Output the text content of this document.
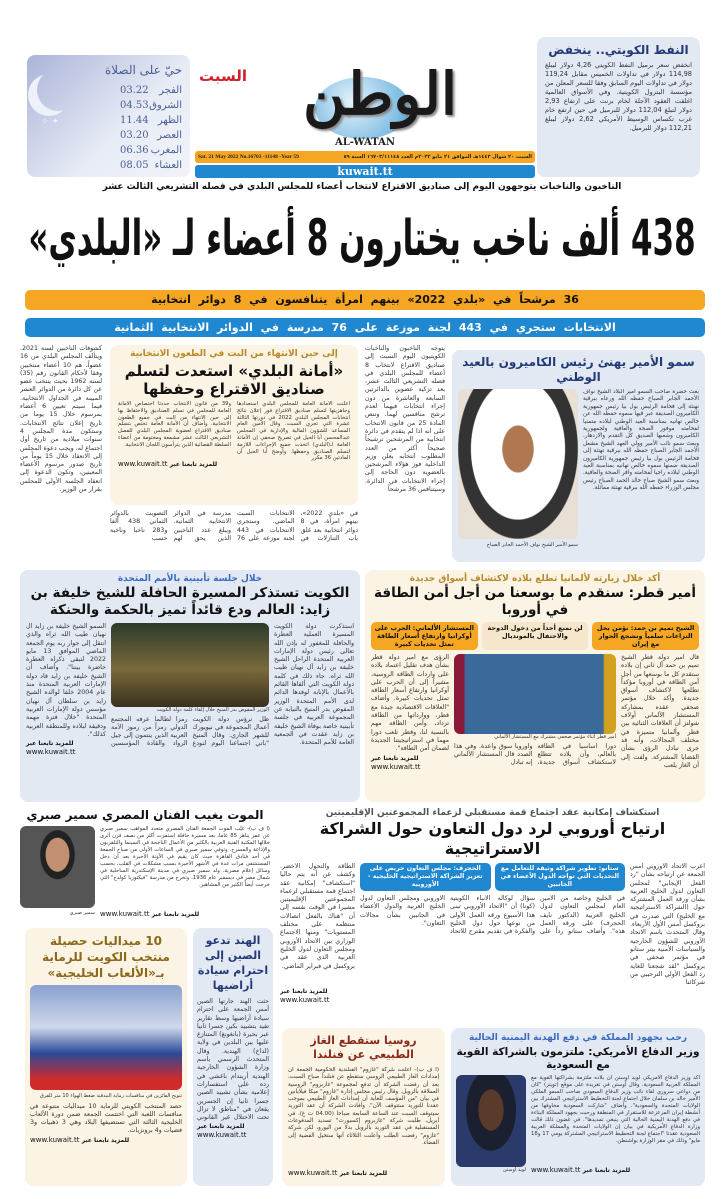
✦ ✧
حيّ على الصلاة
الفجر
03.22
الشروق
04.53
الظهر
11.44
العصر
03.20
المغرب
06.36
العشاء
08.05
السبت الوطن
AL-WATAN
السبت ٢٠ شوال ١٤٤٣هـ الموافق ٢١ مايو ٢٠٢٢م العدد ١٦٧٠٣/١١١٤٨ السنة ٥٩
Sat. 21 May 2022 No.16703 -11148 -Year 59
kuwait.tt
النفط الكويتي.. ينخفض
انخفض سعر برميل النفط الكويتي 4,26 دولار ليبلغ 114,98 دولار في تداولات الخميس مقابل 119,24 دولار في تداولات اليوم السابق وفقا للسعر المعلن من مؤسسة البترول الكويتية. وفي الأسواق العالمية اغلقت العقود الآجلة لخام برنت على ارتفاع 2,93 دولار لتبلغ 112,04 دولار للبرميل في حين ارتفع خام غرب تكساس الوسيط الأمريكي 2,62 دولار ليبلغ 112,21 دولار للبرميل.
الناخبون والناخبات يتوجهون اليوم إلى صناديق الاقتراع لانتخاب أعضاء للمجلس البلدي في فصله التشريعي الثالث عشر
438 ألف ناخب يختارون 8 أعضاء لـ «البلدي»
36 مرشحاً في «بلدي 2022» بينهم امرأة يتنافسون في 8 دوائر انتخابية
الانتخابات ستجري في 443 لجنة موزعة على 76 مدرسة في الدوائر الانتخابية الثمانية
يتوجه الناخبون والناخبات الكويتيون اليوم السبت إلى صناديق الاقتراع لانتخاب 8 أعضاء للمجلس البلدي في فصله التشريعي الثالث عشر، بعد تزكية عضوين بالدائرتين السابعة والعاشرة من دون إجراء انتخابات فيهما لعدم ترشح منافسين لهما. وتنص المادة 25 من قانون الانتخاب على انه اذا لم يتقدم في دائرة انتخابية من المرشحين ترشيحاً صحيحاً أكثر من العدد المطلوب انتخابه يعلن وزير الداخلية فوز هؤلاء المرشحين بالعضوية دون الحاجة إلى إجراء الانتخابات في الدائرة. وسيتنافس 36 مرشحاً
كشوفات الناخبين لسنة 2021. ويتألف المجلس البلدي من 16 عضواً، هم 10 أعضاء منتخبين وفقا لأحكام القانون رقم (35) لسنة 1962 بحيث ينتخب عضو عن كل دائرة من الدوائر العشر المبينة في الجداول الانتخابية. فيما سيتم تعيين 6 أعضاء بمرسوم خلال 15 يوما من تاريخ إعلان نتائج الانتخابات. وستكون مدة المجلس 4 سنوات ميلادية من تاريخ أول اجتماع له، ويجب دعوة المجلس إلى الانعقاد خلال 15 يوماً من تاريخ صدور مرسوم الأعضاء المعينين، وتكون الدعوة إلى انعقاد الجلسة الأولى للمجلس بقرار من الوزير.
إلى حين الانتهاء من البت في الطعون الانتخابية
«أمانة البلدي» استعدت لتسلم صناديق الاقتراع وحفظها
أعلنت الأمانة العامة للمجلس البلدي استعدادها وجاهزيتها لتسلم صناديق الاقتراع فور إعلان نتائج انتخابات المجلس البلدي 2022 في دورتها الثالثة عشرة التي تجري السبت. وقال الأمين العام المساعد للشؤون المالية والإدارية في المجلس عبدالمحسن أبا الخيل في تصريح صحفي إن الأمانة العامة لـ(البلدي) اتخذت جميع الإجراءات اللازمة لتسلم الصناديق وحفظها. وأوضح أبا الخيل أن المادتين 36 مكرر
و39 من قانون الانتخاب حددتا اختصاص الأمانة العامة للمجلس في تسلم الصناديق والاحتفاظ بها إلى حين الانتهاء من البت في جميع الطعون الانتخابية. وأضاف أن الأمانة العامة تختص بتسلم صناديق الاقتراع لعضوية المجلس البلدي للفصل التشريعي الثالث عشر مشمعة ومختومة من أعضاء السلطة القضائية الذين يترأسون اللجان الانتخابية.
www.kuwait.tt للمزيد تابعنا عبر
في «بلدي 2022»، بينهم امرأة، في 8 دوائر انتخابية بعد غلق باب التنازلات في الانتخابات السبت الماضي. وستجري الانتخابات في 443 لجنة موزعة على 76 مدرسة في الدوائر الانتخابية الثمانية. ويبلغ عدد الناخبين الذين يحق لهم التصويت بالدوائر الثماني 438 ألفا و283 ناخبا وناخبة حسب
سمو الأمير يهنئ رئيس الكاميرون بالعيد الوطني
بعث حضرة صاحب السمو أمير البلاد الشيخ نواف الأحمد الجابر الصباح حفظه الله ورعاه ببرقية تهنئة إلى فخامة الرئيس بول بيا رئيس جمهورية الكاميرون الصديقة عبر فيها سموه حفظه الله عن خالص تهانيه بمناسبة العيد الوطني لبلاده متمنيا لفخامته موفور الصحة والعافية ولجمهورية الكاميرون وشعبها الصديق كل التقدم والازدهار. وبعث سمو نائب الأمير وولي العهد الشيخ مشعل الأحمد الجابر الصباح حفظه الله ببرقية تهنئة إلى فخامة الرئيس بول بيا رئيس جمهورية الكاميرون الصديقة ضمنها سموه خالص تهانيه بمناسبة العيد الوطني لبلاده راجيا لفخامته وافر الصحة والعافية. وبعث سمو الشيخ صباح خالد الحمد الصباح رئيس مجلس الوزراء حفظه الله ببرقية تهنئة مماثلة.
سمو الأمير الشيخ نواف الأحمد الجابر الصباح
خلال جلسة تأبينية بالأمم المتحدة
الكويت تستذكر المسيرة الحافلة للشيخ خليفة بن زايد: العالم ودع قائداً تميز بالحكمة والحنكة
استذكرت دولة الكويت المسيرة العملية العطرة والحافلة للمغفور له بإذن الله تعالى رئيس دولة الإمارات العربية المتحدة الراحل الشيخ خليفة بن زايد آل نهيان طيب الله ثراه. جاء ذلك في كلمة دولة الكويت التي ألقاها القائم بالأعمال بالإنابة لوفدها الدائم لدى الأمم المتحدة الوزير المفوض بدر المنيخ بالنيابة عن المجموعة العربية في جلسة تأبينية خاصة بوفاة الشيخ خليفة بن زايد عقدت في الجمعية العامة للأمم المتحدة.
الوزير المفوض بدر المنيخ خلال إلقاء كلمة دولة الكويت
ظل ترؤس دولة الكويت أعمال المجموعة في نيويورك للشهر الجاري. وقال المنيخ "باتي اجتماعنا اليوم لنودع رمزاً لطالما عرفه المجتمع الدولي رمزاً من رموز الأمة العربية الذين ينتمون إلى جيل الرواد والقادة المؤسسين
السمو الشيخ خليفة بن زايد آل نهيان طيب الله ثراه والذي انتقل إلى جوار ربه يوم الجمعة الماضي الموافق 13 مايو 2022 لتبقى ذكراه العطرة حاضرة بيننا". وأضاف أن الشيخ خليفة بن زايد قاد دولة الإمارات العربية المتحدة منذ عام 2004 خلفا لوالده الشيخ زايد بن سلطان آل نهيان مؤسس دولة الإمارات العربية المتحدة "خلال فترة مهمة ودقيقة لبلاده وللمنطقة العربية كذلك".
للمزيد تابعنا عبر
www.kuwait.tt
أكد خلال زيارته لألمانيا تطلع بلاده لاكتشاف أسواق جديدة
أمير قطر: سنقدم ما بوسعنا من أجل أمن الطاقة في أوروبا
الشيخ تميم بن حمد: نؤمن بحل النزاعات سلمياً ونشجع الحوار مع إيران
لن نمنع أحداً من دخول الدوحة والاحتفال بالمونديال
المستشار الألماني: الحرب على أوكرانيا وارتفاع أسعار الطاقة تمثل تحديات كبيرة
قال أمير دولة قطر الشيخ تميم بن حمد آل ثاني إن بلاده ستقدم كل ما بوسعها من أجل أمن الطاقة في أوروبا مؤكداً تطلعها لاكتشاف أسواق جديدة. وأكد خلال مؤتمر صحفي عقده بمشاركة المستشار الألماني أولاف شولتز أن العلاقات الثنائية بين قطر وألمانيا متميزة في مختلف المجالات، وأنه قد جرى تبادل الرؤى بشأن القضايا المشتركة. ولفت إلى أن الغاز يلعب
أمير قطر أثناء مؤتمر صحفي مشترك مع المستشار الألماني
دوراً أساسياً في الطاقة بالعالم، وأن بلاده تتطلع لاستكشاف أسواق جديدة، وأوروبا سوق واعدة. وفي هذا الصدد قال المستشار الألماني إنه تبادل
الرؤى مع أمير دولة قطر بشأن هدف تقليل اعتماد بلاده على واردات الطاقة الروسية، مشيراً إلى أن الحرب على أوكرانيا وارتفاع أسعار الطاقة تمثل تحديات كبيرة. وأضاف "العلاقات الاقتصادية جيدة مع قطر، ووارداتها من الطاقة تزداد، وأمن الطاقة مهم بالنسبة لنا، وقطر تلعب دورا مهما في استراتيجيتنا الجديدة لضمان أمن الطاقة".
للمزيد تابعنا عبر
www.kuwait.tt
الموت يغيب الفنان المصري سمير صبري
(أ ف ب)- غيّب الموت الجمعة الفنان المصري متعدد المواهب سمير صبري عن عمر يناهز 85 عاما، بعد مسيرة حافلة استمرت أكثر من نصف قرن أثرى خلالها المكتبة الفنية العربية بالكثير من الأعمال الناجحة في السينما والتلفزيون والإذاعة والمسرح. وتوفي سمير صبري في الساعات الأولى من صباح الجمعة في أحد فنادق القاهرة حيث كان يقيم في الآونة الأخيرة بعد أن دخل المستشفى مرات عدة في الأشهر الأخيرة بسبب مشكلات في القلب، بحسب وسائل إعلام مصرية. ولد سمير صبري في مدينة الإسكندرية الساحلية في شمال مصر في ديسمبر عام 1936، وتخرج من مدرسة "فيكتوريا كولدج" التي خرجت أيضاً الكثير من المشاهير.
www.kuwait.tt للمزيد تابعنا عبر
سمير صبري
استكشاف إمكانية عقد اجتماع قمة مستقبلي لزعماء المجموعتين الإقليميتين
ارتياح أوروبي لرد دول التعاون حول الشراكة الاستراتيجية
أعرب الاتحاد الأوروبي أمس الجمعة عن ارتياحه بشأن "رد الفعل الإيجابي" لمجلس التعاون لدول الخليج العربية بشأن ورقة العمل المشتركة حول (الشراكة الاستراتيجية مع الخليج) التي صدرت في بروكسل أمس الأول الأربعاء. وقال المتحدث باسم الاتحاد الأوروبي للشؤون الخارجية والسياسات الأمنية بيتر ستانو في مؤتمر صحفي في بروكسل "لقد شجعنا للغاية رد الفعل الأولي الترحيبي من شركائنا
ستانو: تطوير شراكة وثيقة للتعامل مع التحديات التي تواجه الدول الأعضاء في الجانبين
الحجرف: مجلس التعاون حريص على تعزيز الشراكة الاستراتيجية الخليجية - الأوروبية
في الخليج وخاصة من الأمين العام لمجلس التعاون لدول الخليج العربية (الدكتور نايف الحجرف) على ورقة العمل هذه". وأضاف ستانو رداً على سؤال لوكالة الأنباء الكويتية (كونا) أن "الاتحاد الأوروبي تبنى هذا الأسبوع ورقة العمل الأولى من نوعها حول دول الخليج والفكرة في تقديم مقترح للاتحاد الأوروبي ومجلس التعاون لدول الخليج العربية والدول الأعضاء في الجانبين بشأن مجالات التعاون".
الطاقة والتحول الأخضر. وكشف عن أنه يتم حاليا "استكشاف" إمكانية عقد اجتماع قمة مستقبلي لزعماء المجموعتين الإقليميتين مشيرا في الوقت نفسه إلى أن "هناك بالفعل اتصالات منتظمة على مختلف المستويات" ومنها الاجتماع الوزاري بين الاتحاد الأوروبي ومجلس التعاون لدول الخليج العربية الذي عقد في بروكسل في فبراير الماضي.
للمزيد تابعنا عبر
www.kuwait.tt
10 ميداليات حصيلة منتخب الكويت للرماية بـ«الألعاب الخليجية»
تتويج الفائزين في منافسات رماية البندقية ضغط الهواء 10 متر للفرق
حصد المنتخب الكويتي للرماية 10 ميداليات متنوعة في منافسات اللعبة التي اختتمت الجمعة ضمن دورة الألعاب الخليجية الثالثة التي تستضيفها البلاد وهي 3 ذهبيات و3 فضيات و4 برونزيات.
www.kuwait.tt للمزيد تابعنا عبر
الهند تدعو الصين إلى احترام سيادة أراضيها
حثت الهند جارتها الصين أمس الجمعة على احترام سيادة أراضيها وسط تقارير تفيد بتشييد بكين جسرا ثانيا عبر بحيرة (بانغونغ) المتنازع عليها بين البلدين في ولاية (لداخ) الهندية. وقال المتحدث الرسمي باسم وزارة الشؤون الخارجية الهندية أريندام باغشي في رده على استفسارات إعلامية بشأن تشييد الصين جسرا ثانيا إن الجسرين يقعان في "مناطق لا تزال تحت الاحتلال غير القانوني
للمزيد تابعنا عبر
www.kuwait.tt
روسيا ستقطع الغاز الطبيعي عن فنلندا
(أ ف ب)- أعلنت شركة "غازوم" الفنلندية الحكومية الجمعة أن إمدادات الغاز الطبيعي الروسي ستقطع عن فنلندا صباح السبت، بعد أن رفضت الشركة أن تدفع لمجموعة "غازبروم" الروسية العملاقة بالروبل. وقال رئيس مجلس إدارة "غازوم" ميكا فيلايانين في بيان "من المؤسف للغاية أن إمدادات الغاز الطبيعي بموجب عقدنا للتوريد ستتوقف الآن". وأفادت الشركة أن عقد التوريد سيتوقف السبت عند الساعة السابعة صباحا (04.00 ت غ). في أبريل، طلبت شركة "غازبروم إكسبورت" تسديد المدفوعات المستقبلية في عقد التوريد بالروبل بدلا من اليورو، لكن شركة "غازوم" رفضت الطلب وأعلنت الثلاثاء أنها ستحيل القضية إلى القضاء.
www.kuwait.tt للمزيد تابعنا عبر
رحب بجهود المملكة في دفع الهدنة اليمنية الحالية
وزير الدفاع الأمريكي: ملتزمون بالشراكة القوية مع السعودية
أكد وزير الدفاع الأمريكي لويد أوستن أن بلاده ملتزمة بشراكتها القوية مع المملكة العربية السعودية. وقال أوستن في تغريدة على موقع (تويتر) "كان من دواعي سروري لقاء نائب وزير الدفاع السعودي صاحب السمو الملكي الأمير خالد بن سلمان خلال اجتماع لجنة التخطيط الاستراتيجي المشترك بين الولايات المتحدة والسعودية". وأضاف "شاركت السعودية مخاوفها من أنشطة إيران المزعزعة للاستقرار في المنطقة ورحبت بجهود المملكة البناءة في دفع الهدنة اليمنية الحالية التي ينبغي تمديدها". في غضون ذلك قالت وزارة الدفاع الأمريكية في بيان إن الولايات المتحدة والمملكة العربية السعودية عقدتا "اجتماع لجنة التخطيط الاستراتيجي المشتركة يومي 17 و18 مايو" وذلك في مقر الوزارة بواشنطن.
www.kuwait.tt للمزيد تابعنا عبر
لويد أوستن
